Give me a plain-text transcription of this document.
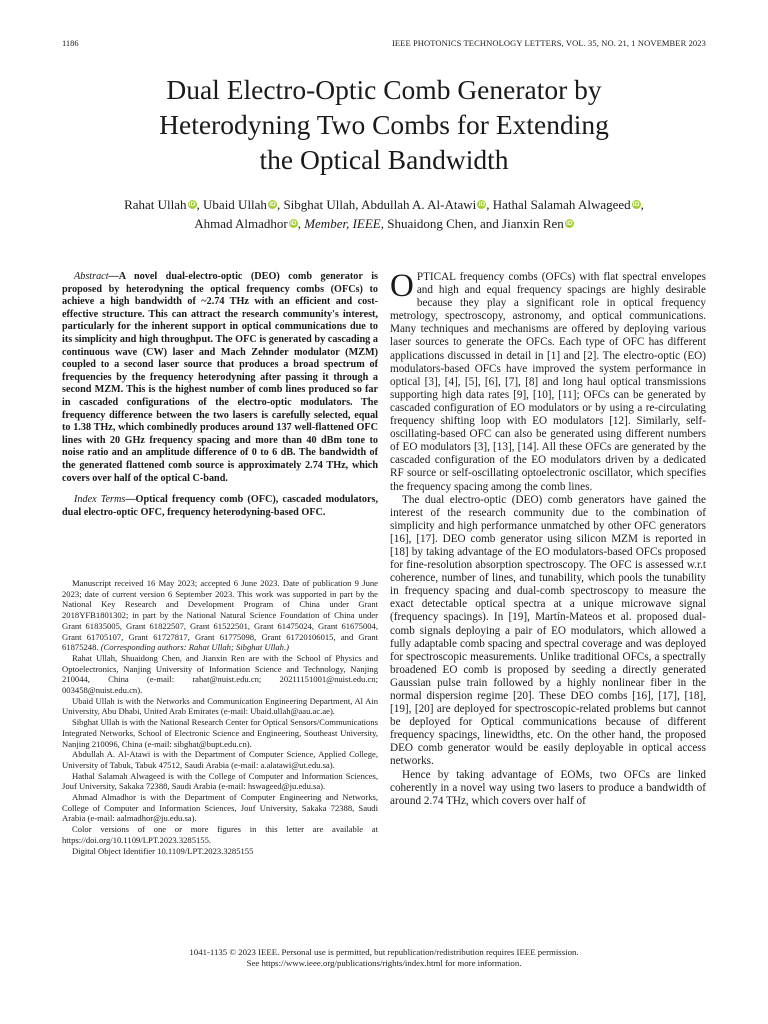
1186	IEEE PHOTONICS TECHNOLOGY LETTERS, VOL. 35, NO. 21, 1 NOVEMBER 2023
Dual Electro-Optic Comb Generator by
Heterodyning Two Combs for Extending
the Optical Bandwidth
Rahat Ullah iD, Ubaid Ullah iD, Sibghat Ullah, Abdullah A. Al-Atawi iD, Hathal Salamah Alwageed iD,
Ahmad Almadhor iD, Member, IEEE, Shuaidong Chen, and Jianxin Ren iD

Abstract—A novel dual-electro-optic (DEO) comb generator is proposed by heterodyning the optical frequency combs (OFCs) to achieve a high bandwidth of ~2.74 THz with an efficient and cost-effective structure. This can attract the research community's interest, particularly for the inherent support in optical communications due to its simplicity and high throughput. The OFC is generated by cascading a continuous wave (CW) laser and Mach Zehnder modulator (MZM) coupled to a second laser source that produces a broad spectrum of frequencies by the frequency heterodyning after passing it through a second MZM. This is the highest number of comb lines produced so far in cascaded configurations of the electro-optic modulators. The frequency difference between the two lasers is carefully selected, equal to 1.38 THz, which combinedly produces around 137 well-flattened OFC lines with 20 GHz frequency spacing and more than 40 dBm tone to noise ratio and an amplitude difference of 0 to 6 dB. The bandwidth of the generated flattened comb source is approximately 2.74 THz, which covers over half of the optical C-band.

Index Terms—Optical frequency comb (OFC), cascaded modulators, dual electro-optic OFC, frequency heterodyning-based OFC.

Manuscript received 16 May 2023; accepted 6 June 2023. Date of publication 9 June 2023; date of current version 6 September 2023. This work was supported in part by the National Key Research and Development Program of China under Grant 2018YFB1801302; in part by the National Natural Science Foundation of China under Grant 61835005, Grant 61822507, Grant 61522501, Grant 61475024, Grant 61675004, Grant 61705107, Grant 61727817, Grant 61775098, Grant 61720106015, and Grant 61875248. (Corresponding authors: Rahat Ullah; Sibghat Ullah.)

Rahat Ullah, Shuaidong Chen, and Jianxin Ren are with the School of Physics and Optoelectronics, Nanjing University of Information Science and Technology, Nanjing 210044, China (e-mail: rahat@nuist.edu.cn; 20211151001@nuist.edu.cn; 003458@nuist.edu.cn).

Ubaid Ullah is with the Networks and Communication Engineering Department, Al Ain University, Abu Dhabi, United Arab Emirates (e-mail: Ubaid.ullah@aau.ac.ae).

Sibghat Ullah is with the National Research Center for Optical Sensors/Communications Integrated Networks, School of Electronic Science and Engineering, Southeast University, Nanjing 210096, China (e-mail: sibghat@bupt.edu.cn).

Abdullah A. Al-Atawi is with the Department of Computer Science, Applied College, University of Tabuk, Tabuk 47512, Saudi Arabia (e-mail: a.alatawi@ut.edu.sa).

Hathal Salamah Alwageed is with the College of Computer and Information Sciences, Jouf University, Sakaka 72388, Saudi Arabia (e-mail: hswageed@ju.edu.sa).

Ahmad Almadhor is with the Department of Computer Engineering and Networks, College of Computer and Information Sciences, Jouf University, Sakaka 72388, Saudi Arabia (e-mail: aalmadhor@ju.edu.sa).

Color versions of one or more figures in this letter are available at https://doi.org/10.1109/LPT.2023.3285155.

Digital Object Identifier 10.1109/LPT.2023.3285155

OPTICAL frequency combs (OFCs) with flat spectral envelopes and high and equal frequency spacings are highly desirable because they play a significant role in optical frequency metrology, spectroscopy, astronomy, and optical communications. Many techniques and mechanisms are offered by deploying various laser sources to generate the OFCs. Each type of OFC has different applications discussed in detail in [1] and [2]. The electro-optic (EO) modulators-based OFCs have improved the system performance in optical [3], [4], [5], [6], [7], [8] and long haul optical transmissions supporting high data rates [9], [10], [11]; OFCs can be generated by cascaded configuration of EO modulators or by using a re-circulating frequency shifting loop with EO modulators [12]. Similarly, self-oscillating-based OFC can also be generated using different numbers of EO modulators [3], [13], [14]. All these OFCs are generated by the cascaded configuration of the EO modulators driven by a dedicated RF source or self-oscillating optoelectronic oscillator, which specifies the frequency spacing among the comb lines.

The dual electro-optic (DEO) comb generators have gained the interest of the research community due to the combination of simplicity and high performance unmatched by other OFC generators [16], [17]. DEO comb generator using silicon MZM is reported in [18] by taking advantage of the EO modulators-based OFCs proposed for fine-resolution absorption spectroscopy. The OFC is assessed w.r.t coherence, number of lines, and tunability, which pools the tunability in frequency spacing and dual-comb spectroscopy to measure the exact detectable optical spectra at a unique microwave signal (frequency spacings). In [19], Martín-Mateos et al. proposed dual-comb signals deploying a pair of EO modulators, which allowed a fully adaptable comb spacing and spectral coverage and was deployed for spectroscopic measurements. Unlike traditional OFCs, a spectrally broadened EO comb is proposed by seeding a directly generated Gaussian pulse train followed by a highly nonlinear fiber in the normal dispersion regime [20]. These DEO combs [16], [17], [18], [19], [20] are deployed for spectroscopic-related problems but cannot be deployed for Optical communications because of different frequency spacings, linewidths, etc. On the other hand, the proposed DEO comb generator would be easily deployable in optical access networks.

Hence by taking advantage of EOMs, two OFCs are linked coherently in a novel way using two lasers to produce a bandwidth of around 2.74 THz, which covers over half of

1041-1135 © 2023 IEEE. Personal use is permitted, but republication/redistribution requires IEEE permission.
See https://www.ieee.org/publications/rights/index.html for more information.
